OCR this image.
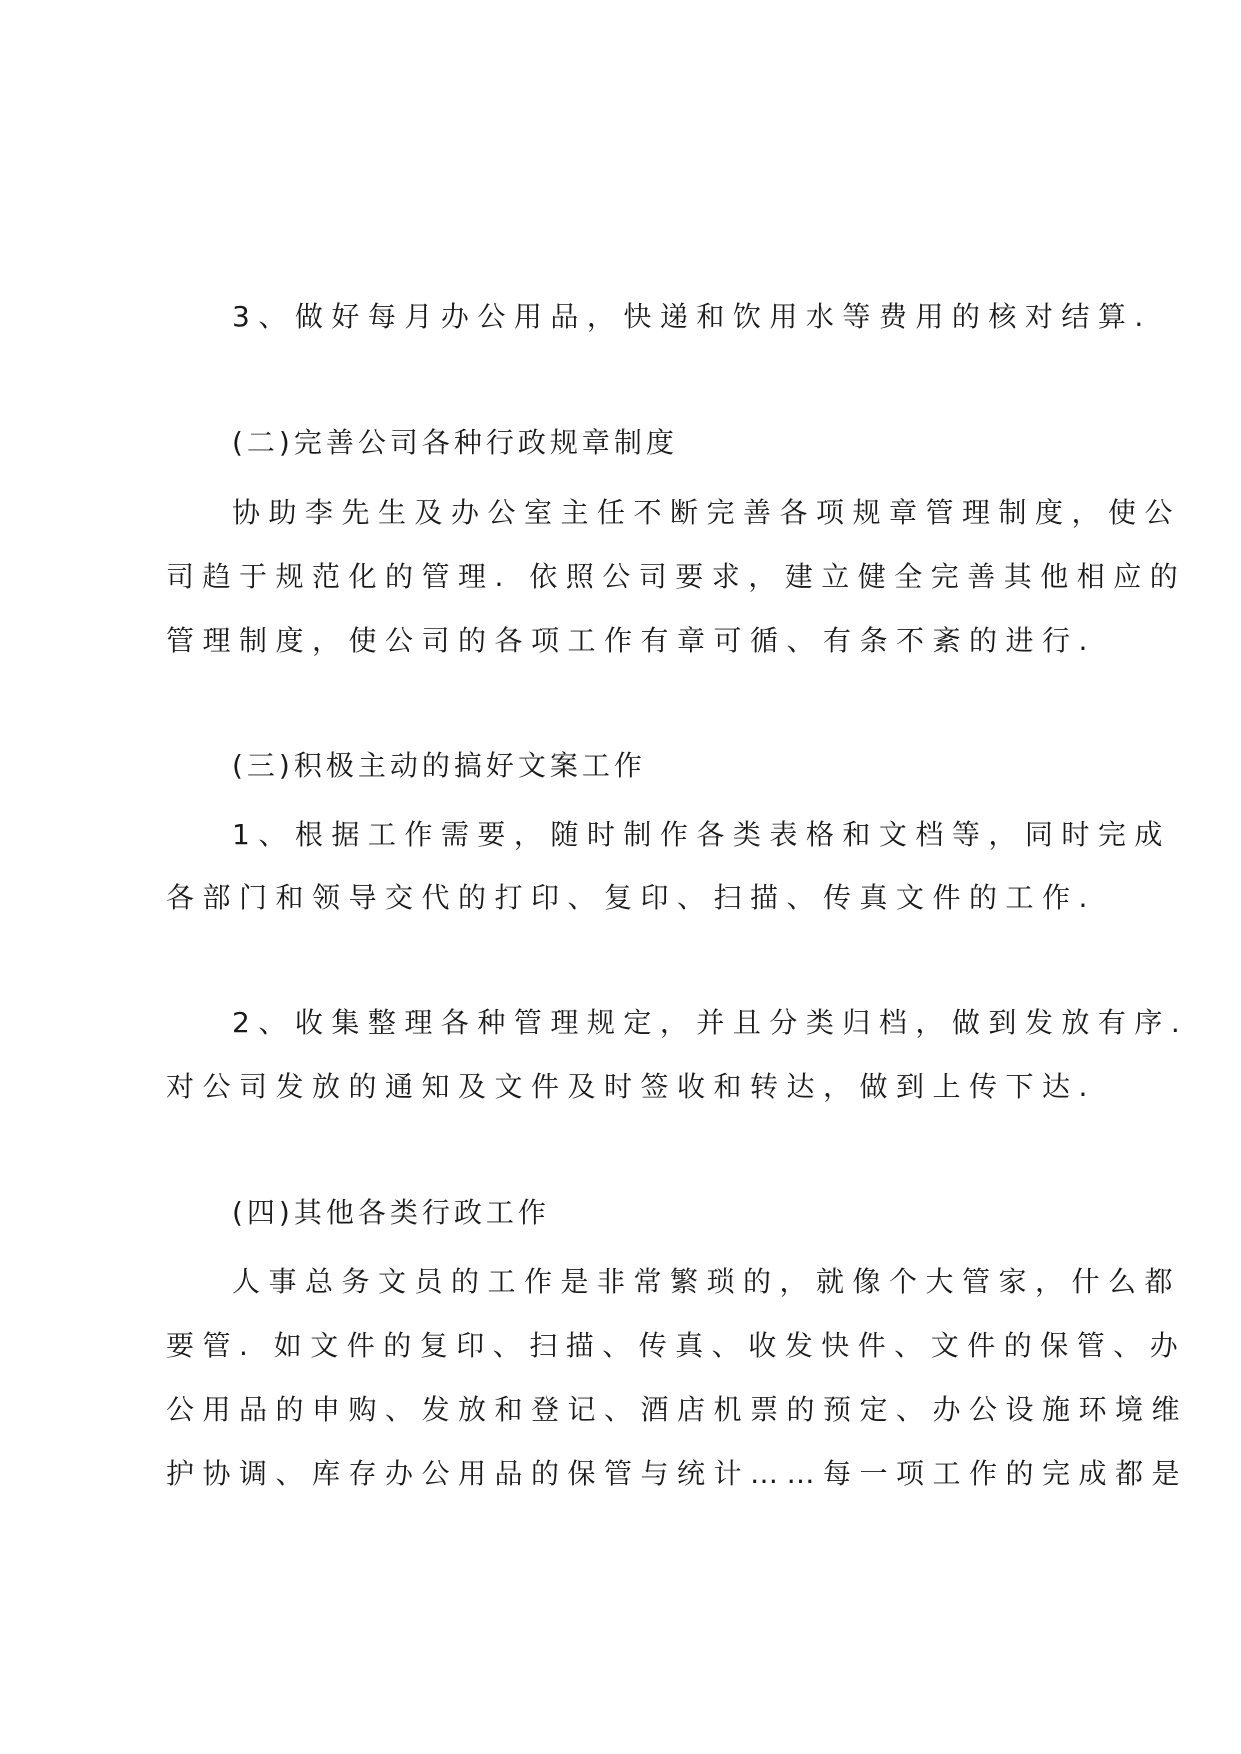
3、做好每月办公用品，快递和饮用水等费用的核对结算.

(二)完善公司各种行政规章制度

协助李先生及办公室主任不断完善各项规章管理制度，使公

司趋于规范化的管理. 依照公司要求，建立健全完善其他相应的

管理制度，使公司的各项工作有章可循、有条不紊的进行.

(三)积极主动的搞好文案工作

1、根据工作需要，随时制作各类表格和文档等，同时完成

各部门和领导交代的打印、复印、扫描、传真文件的工作.

2、收集整理各种管理规定，并且分类归档，做到发放有序.

对公司发放的通知及文件及时签收和转达，做到上传下达.

(四)其他各类行政工作

人事总务文员的工作是非常繁琐的，就像个大管家，什么都

要管. 如文件的复印、扫描、传真、收发快件、文件的保管、办

公用品的申购、发放和登记、酒店机票的预定、办公设施环境维

护协调、库存办公用品的保管与统计……每一项工作的完成都是
